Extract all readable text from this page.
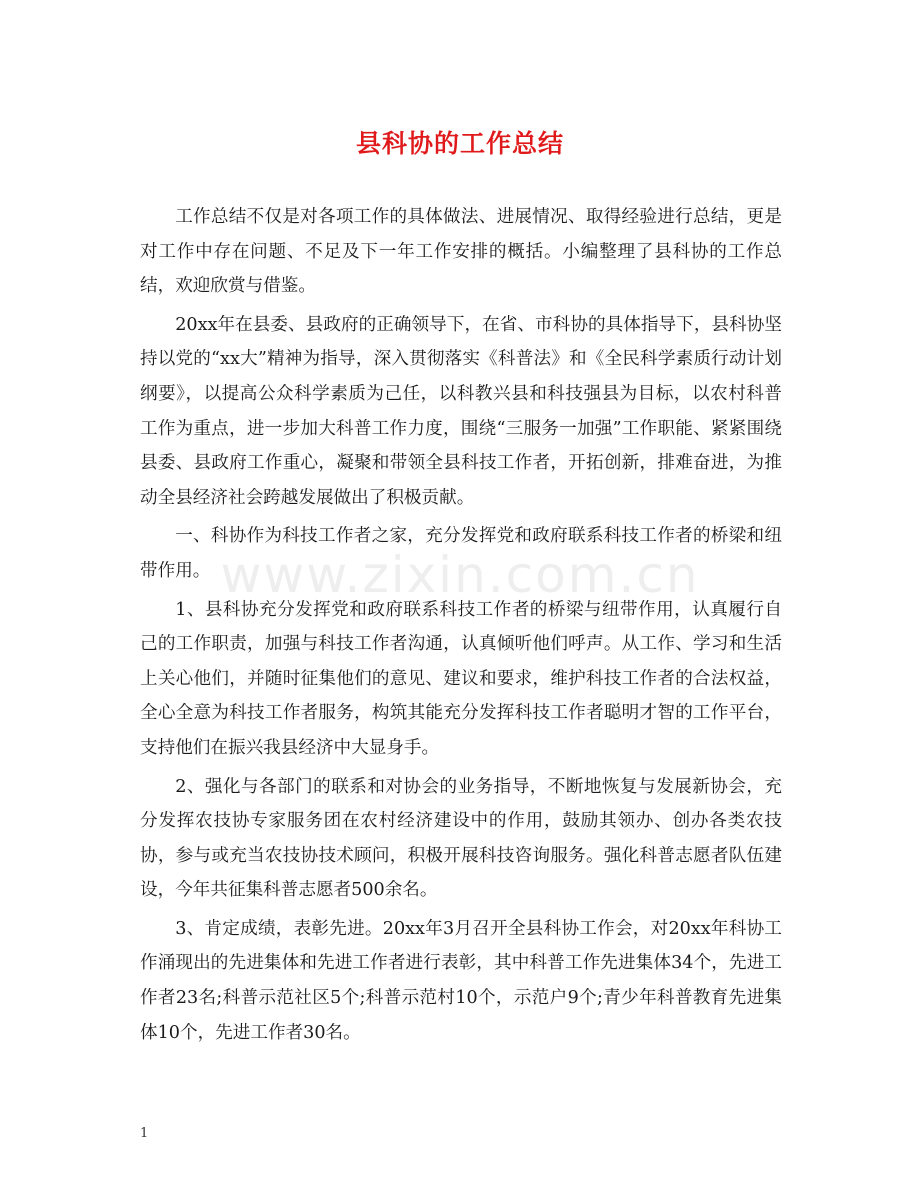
县科协的工作总结

工作总结不仅是对各项工作的具体做法、进展情况、取得经验进行总结，更是对工作中存在问题、不足及下一年工作安排的概括。小编整理了县科协的工作总结，欢迎欣赏与借鉴。

20xx年在县委、县政府的正确领导下，在省、市科协的具体指导下，县科协坚持以党的“xx大”精神为指导，深入贯彻落实《科普法》和《全民科学素质行动计划纲要》，以提高公众科学素质为己任，以科教兴县和科技强县为目标，以农村科普工作为重点，进一步加大科普工作力度，围绕“三服务一加强”工作职能、紧紧围绕县委、县政府工作重心，凝聚和带领全县科技工作者，开拓创新，排难奋进，为推动全县经济社会跨越发展做出了积极贡献。

一、科协作为科技工作者之家，充分发挥党和政府联系科技工作者的桥梁和纽带作用。

1、县科协充分发挥党和政府联系科技工作者的桥梁与纽带作用，认真履行自己的工作职责，加强与科技工作者沟通，认真倾听他们呼声。从工作、学习和生活上关心他们，并随时征集他们的意见、建议和要求，维护科技工作者的合法权益，全心全意为科技工作者服务，构筑其能充分发挥科技工作者聪明才智的工作平台，支持他们在振兴我县经济中大显身手。

2、强化与各部门的联系和对协会的业务指导，不断地恢复与发展新协会，充分发挥农技协专家服务团在农村经济建设中的作用，鼓励其领办、创办各类农技协，参与或充当农技协技术顾问，积极开展科技咨询服务。强化科普志愿者队伍建设，今年共征集科普志愿者500余名。

3、肯定成绩，表彰先进。20xx年3月召开全县科协工作会，对20xx年科协工作涌现出的先进集体和先进工作者进行表彰，其中科普工作先进集体34个，先进工作者23名;科普示范社区5个;科普示范村10个，示范户9个;青少年科普教育先进集体10个，先进工作者30名。

www.zixin.com.cn
1
